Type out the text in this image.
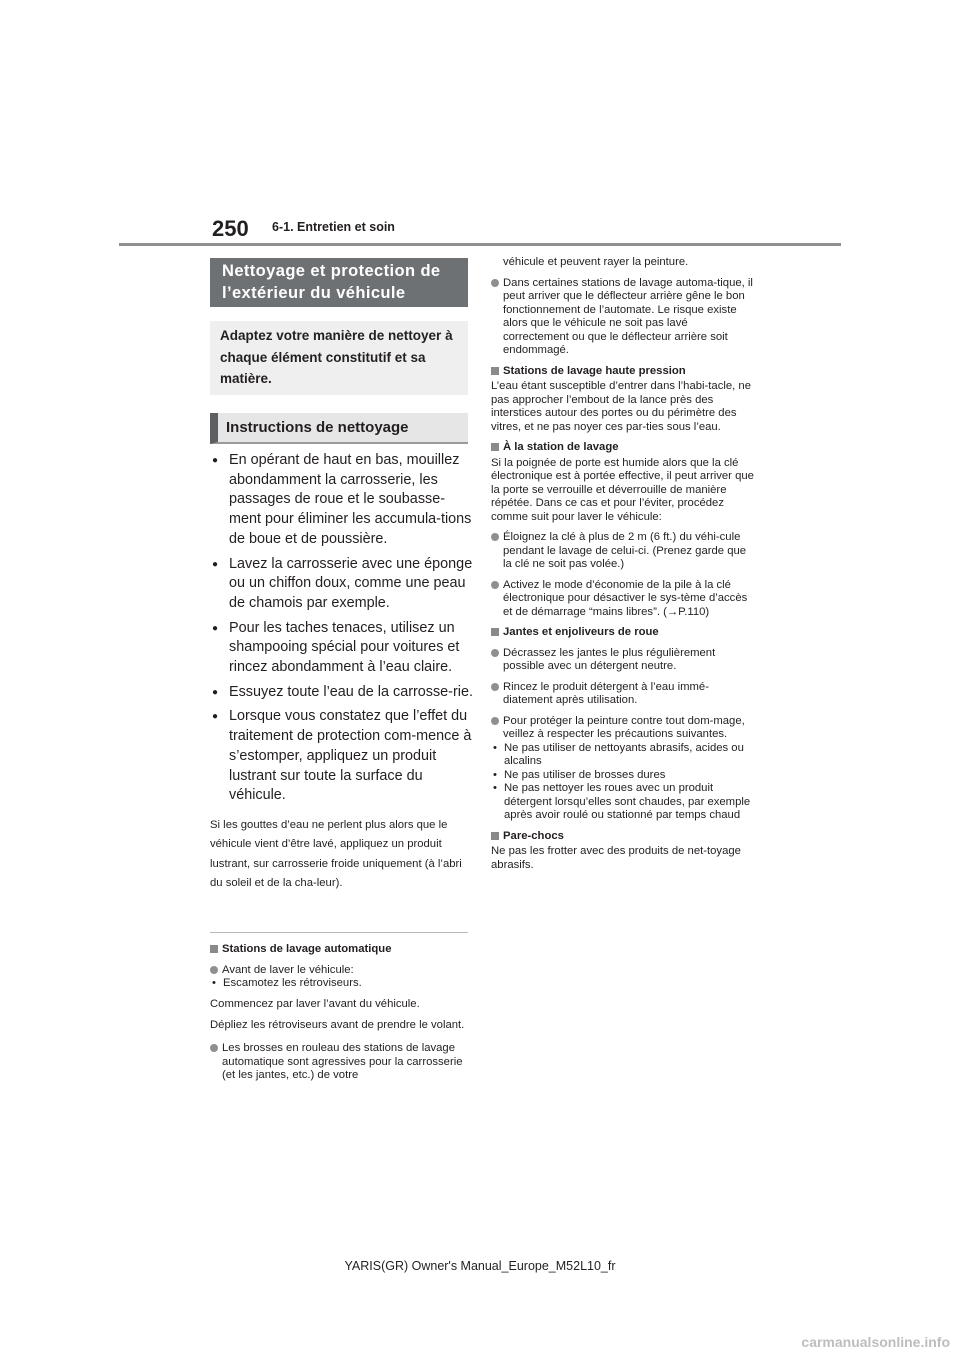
250 6-1. Entretien et soin
Nettoyage et protection de l’extérieur du véhicule
Adaptez votre manière de nettoyer à chaque élément constitutif et sa matière.
Instructions de nettoyage
● En opérant de haut en bas, mouillez abondamment la carrosserie, les passages de roue et le soubasse-ment pour éliminer les accumula-tions de boue et de poussière.
● Lavez la carrosserie avec une éponge ou un chiffon doux, comme une peau de chamois par exemple.
● Pour les taches tenaces, utilisez un shampooing spécial pour voitures et rincez abondamment à l’eau claire.
● Essuyez toute l’eau de la carrosse-rie.
● Lorsque vous constatez que l’effet du traitement de protection com-mence à s’estomper, appliquez un produit lustrant sur toute la surface du véhicule.
Si les gouttes d’eau ne perlent plus alors que le véhicule vient d’être lavé, appliquez un produit lustrant, sur carrosserie froide uniquement (à l’abri du soleil et de la cha-leur).
Stations de lavage automatique
Avant de laver le véhicule:
• Escamotez les rétroviseurs.
Commencez par laver l’avant du véhicule.
Dépliez les rétroviseurs avant de prendre le volant.
Les brosses en rouleau des stations de lavage automatique sont agressives pour la carrosserie (et les jantes, etc.) de votre
véhicule et peuvent rayer la peinture.
Dans certaines stations de lavage automa-tique, il peut arriver que le déflecteur arrière gêne le bon fonctionnement de l’automate. Le risque existe alors que le véhicule ne soit pas lavé correctement ou que le déflecteur arrière soit endommagé.
Stations de lavage haute pression
L’eau étant susceptible d’entrer dans l’habi-tacle, ne pas approcher l’embout de la lance près des interstices autour des portes ou du périmètre des vitres, et ne pas noyer ces par-ties sous l’eau.
À la station de lavage
Si la poignée de porte est humide alors que la clé électronique est à portée effective, il peut arriver que la porte se verrouille et déverrouille de manière répétée. Dans ce cas et pour l’éviter, procédez comme suit pour laver le véhicule:
Éloignez la clé à plus de 2 m (6 ft.) du véhi-cule pendant le lavage de celui-ci. (Prenez garde que la clé ne soit pas volée.)
Activez le mode d’économie de la pile à la clé électronique pour désactiver le sys-tème d’accès et de démarrage “mains libres”. (→P.110)
Jantes et enjoliveurs de roue
Décrassez les jantes le plus régulièrement possible avec un détergent neutre.
Rincez le produit détergent à l’eau immé-diatement après utilisation.
Pour protéger la peinture contre tout dom-mage, veillez à respecter les précautions suivantes.
• Ne pas utiliser de nettoyants abrasifs, acides ou alcalins
• Ne pas utiliser de brosses dures
• Ne pas nettoyer les roues avec un produit détergent lorsqu’elles sont chaudes, par exemple après avoir roulé ou stationné par temps chaud
Pare-chocs
Ne pas les frotter avec des produits de net-toyage abrasifs.
YARIS(GR) Owner's Manual_Europe_M52L10_fr
carmanualsonline.info
